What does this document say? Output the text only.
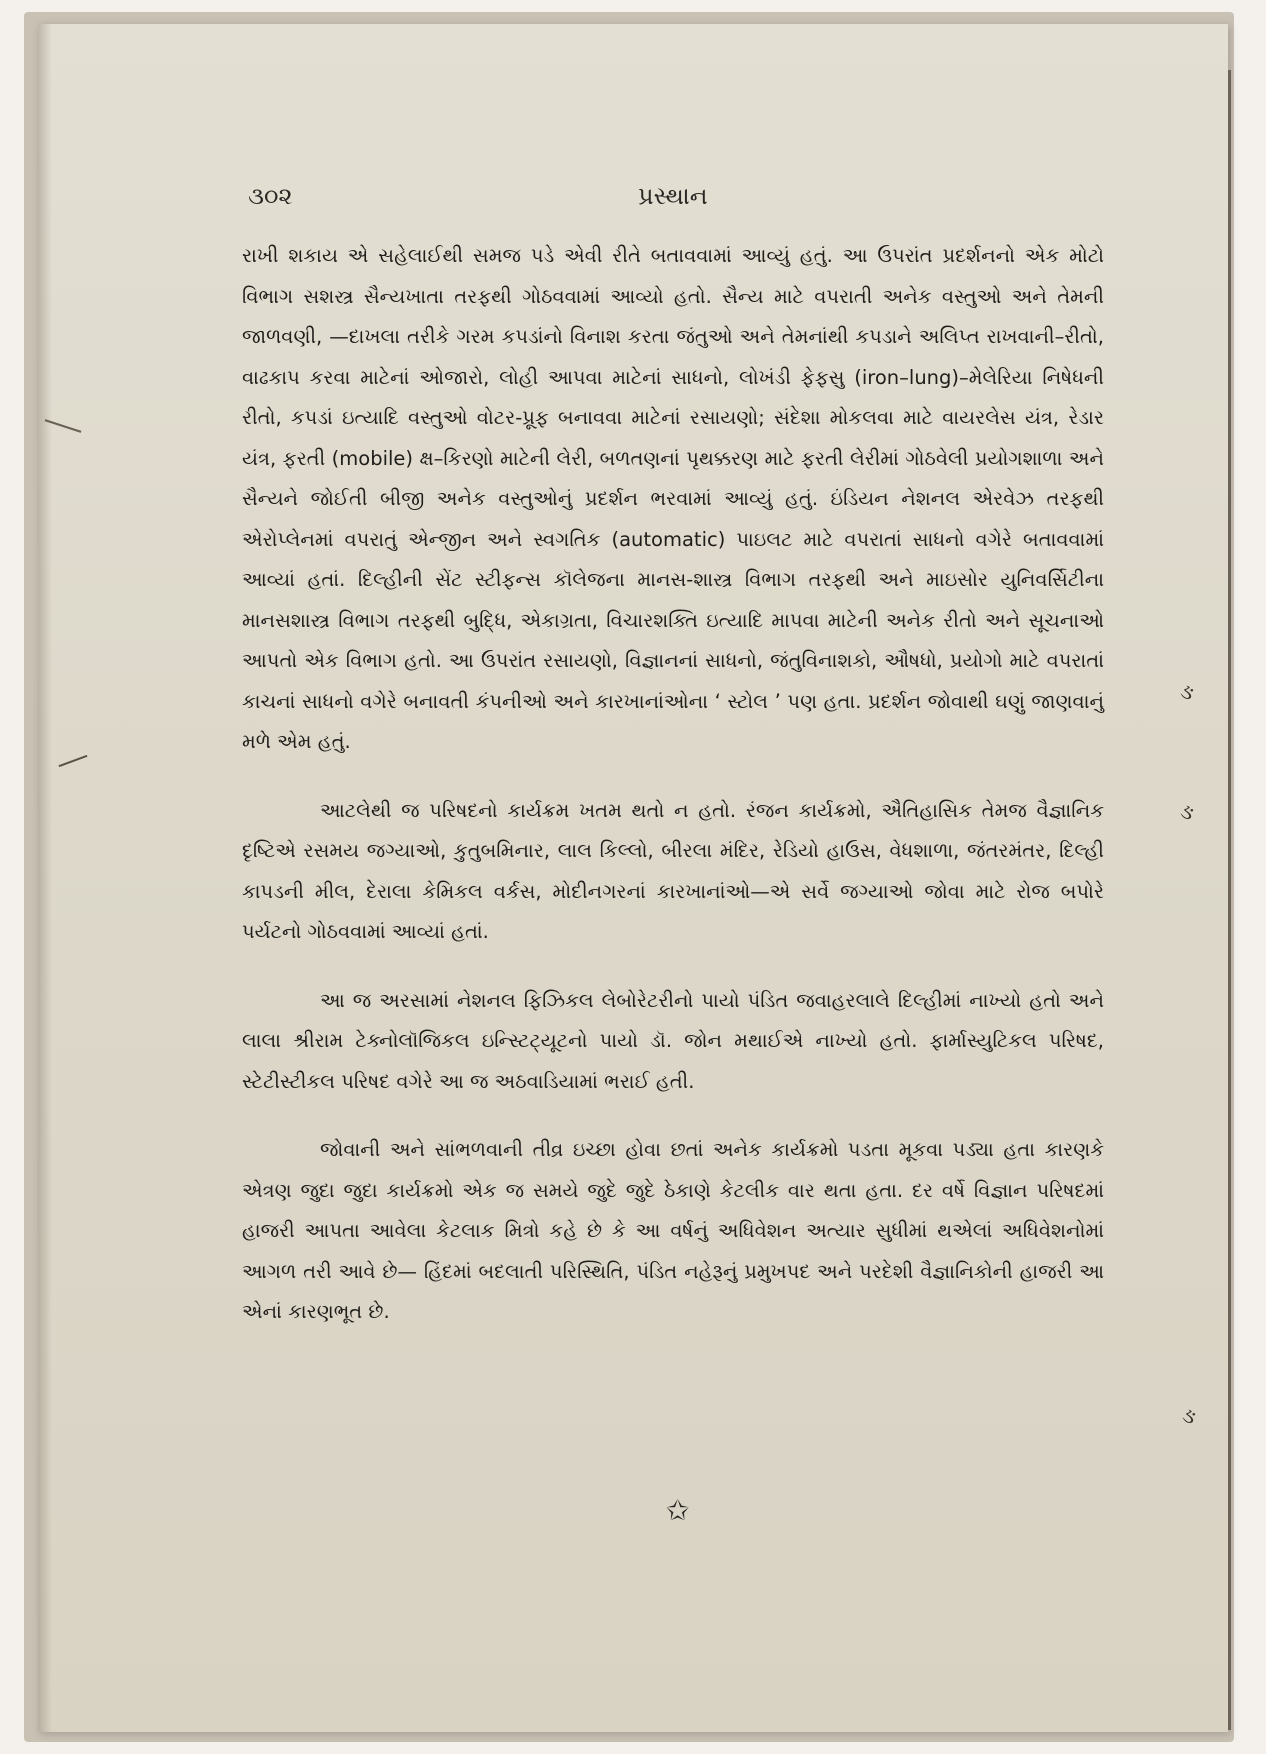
૩૦૨	પ્રસ્થાન

રાખી શકાય એ સહેલાઈથી સમજ પડે એવી રીતે બતાવવામાં આવ્યું હતું. આ ઉપરાંત પ્રદર્શનનો એક મોટો વિભાગ સશસ્ત્ર સૈન્યખાતા તરફથી ગોઠવવામાં આવ્યો હતો. સૈન્ય માટે વપરાતી અનેક વસ્તુઓ અને તેમની જાળવણી, —દાખલા તરીકે ગરમ કપડાંનો વિનાશ કરતા જંતુઓ અને તેમનાંથી કપડાને અલિપ્ત રાખવાની–રીતો, વાઢકાપ કરવા માટેનાં ઓજારો, લોહી આપવા માટેનાં સાધનો, લોખંડી ફેફસુ (iron–lung)–મેલેરિયા નિષેધની રીતો, કપડાં ઇત્યાદિ વસ્તુઓ વોટર-પ્રૂફ બનાવવા માટેનાં રસાયણો; સંદેશા મોકલવા માટે વાયરલેસ યંત્ર, રેડાર યંત્ર, ફરતી (mobile) ક્ષ–કિરણો માટેની લેરી, બળતણનાં પૃથક્કરણ માટે ફરતી લેરીમાં ગોઠવેલી પ્રયોગશાળા અને સૈન્યને જોઈતી બીજી અનેક વસ્તુઓનું પ્રદર્શન ભરવામાં આવ્યું હતું. ઇંડિયન નેશનલ એરવેઝ તરફથી એરોપ્લેનમાં વપરાતું એન્જીન અને સ્વગતિક (automatic) પાઇલટ માટે વપરાતાં સાધનો વગેરે બતાવવામાં આવ્યાં હતાં. દિલ્હીની સેંટ સ્ટીફન્સ કૉલેજના માનસ-શાસ્ત્ર વિભાગ તરફથી અને માઇસોર યુનિવર્સિટીના માનસશાસ્ત્ર વિભાગ તરફથી બુદ્ધિ, એકાગ્રતા, વિચારશક્તિ ઇત્યાદિ માપવા માટેની અનેક રીતો અને સૂચનાઓ આપતો એક વિભાગ હતો. આ ઉપરાંત રસાયણો, વિજ્ઞાનનાં સાધનો, જંતુવિનાશકો, ઔષધો, પ્રયોગો માટે વપરાતાં કાચનાં સાધનો વગેરે બનાવતી કંપનીઓ અને કારખાનાંઓના ‘ સ્ટોલ ’ પણ હતા. પ્રદર્શન જોવાથી ઘણું જાણવાનું મળે એમ હતું.

આટલેથી જ પરિષદનો કાર્યક્રમ ખતમ થતો ન હતો. રંજન કાર્યક્રમો, ઐતિહાસિક તેમજ વૈજ્ઞાનિક દૃષ્ટિએ રસમય જગ્યાઓ, કુતુબમિનાર, લાલ કિલ્લો, બીરલા મંદિર, રેડિયો હાઉસ, વેધશાળા, જંતરમંતર, દિલ્હી કાપડની મીલ, દેરાલા કેમિકલ વર્કસ, મોદીનગરનાં કારખાનાંઓ—એ સર્વે જગ્યાઓ જોવા માટે રોજ બપોરે પર્યટનો ગોઠવવામાં આવ્યાં હતાં.

આ જ અરસામાં નેશનલ ફિઝિકલ લેબોરેટરીનો પાયો પંડિત જવાહરલાલે દિલ્હીમાં નાખ્યો હતો અને લાલા શ્રીરામ ટેક્નોલૉજિકલ ઇન્સ્ટિટ્યૂટનો પાયો ડૉ. જોન મથાઈએ નાખ્યો હતો. ફાર્માસ્યુટિકલ પરિષદ, સ્ટેટીસ્ટીકલ પરિષદ વગેરે આ જ અઠવાડિયામાં ભરાઈ હતી.

જોવાની અને સાંભળવાની તીવ્ર ઇચ્છા હોવા છતાં અનેક કાર્યક્રમો પડતા મૂકવા પડ્યા હતા કારણકે એત્રણ જુદા જુદા કાર્યક્રમો એક જ સમયે જુદે જુદે ઠેકાણે કેટલીક વાર થતા હતા. દર વર્ષે વિજ્ઞાન પરિષદમાં હાજરી આપતા આવેલા કેટલાક મિત્રો કહે છે કે આ વર્ષનું અધિવેશન અત્યાર સુધીમાં થએલાં અધિવેશનોમાં આગળ તરી આવે છે— હિંદમાં બદલાતી પરિસ્થિતિ, પંડિત નહેરૂનું પ્રમુખપદ અને પરદેશી વૈજ્ઞાનિકોની હાજરી આ એનાં કારણભૂત છે.

✩
ઙ
ઙ
ઙ
